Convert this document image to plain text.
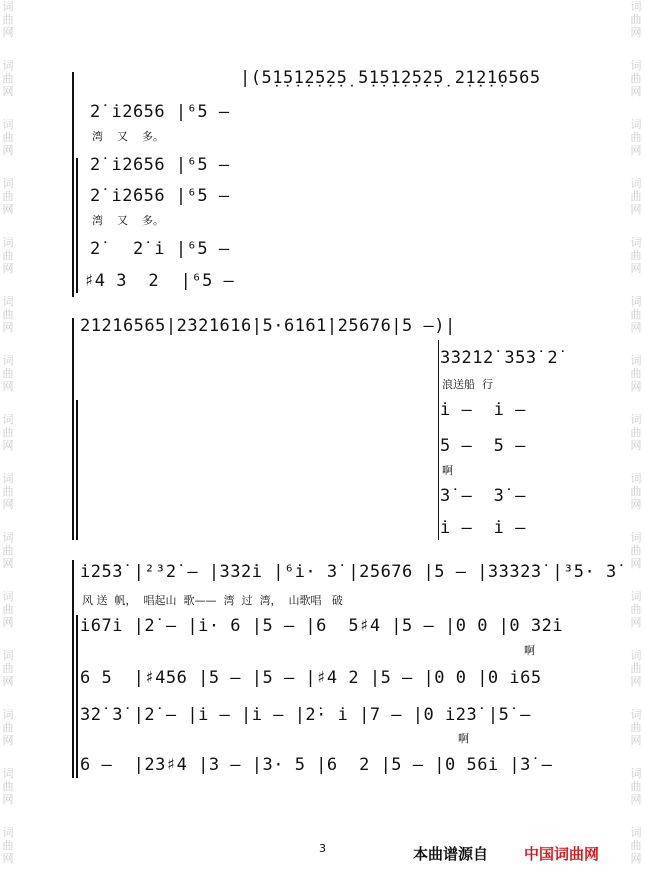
词
曲
网
词
曲
网
词
曲
网
词
曲
网
词
曲
网
词
曲
网
词
曲
网
词
曲
网
词
曲
网
词
曲
网
词
曲
网
词
曲
网
词
曲
网
词
曲
网
词
曲
网
词
曲
网
词
曲
网
词
曲
网
词
曲
网
词
曲
网
词
曲
网
词
曲
网
词
曲
网
词
曲
网
词
曲
网
词
曲
网
词
曲
网
词
曲
网
词
曲
网
词
曲
网
|(5̣1̣5̣1̣2̣5̣2̣5̣ 5̣1̣5̣1̣2̣5̣2̣5̣ 2̣1̣2̣1̣6565
2̇ i̇2̇656 |⁶5 —
湾    又    多。
2̇ i̇2̇656 |⁶5 —
2̇ i̇2̇656 |⁶5 —
湾    又    多。
2̇   2̇ i̇ |⁶5 —
♯4 3  2  |⁶5 —
2̇1̇2̇1̇6565|2̇3̇2̇1̇6̇1̇6̇|5·6̇1̇6̇1̇|2̇5676|5 —)|
3̇3̇2̇1̇2̇ 3̇5̇3̇ 2̇
浪送船  行
i̇ —  i̇ —
5 —  5 —
啊
3̇ —  3̇ —
i̇ —  i̇ —
i̇2̇5̇3̇ |²³2̇ — |3̇3̇2̇i̇ |⁶i̇· 3̇ |2̇5676 |5 — |3̇3̇3̇2̇3̇ |³5· 3̇
风 送  帆，  唱起山  歌——  湾  过  湾，  山歌唱   破
i̇67i̇ |2̇ — |i̇· 6 |5 — |6  5♯4 |5 — |0 0 |0 3̇2̇i̇
啊
6 5  |♯456 |5 — |5 — |♯4 2 |5 — |0 0 |0 i̇65
3̇2̇ 3̇ |2̇ — |i̇ — |i̇ — |2̇· i̇ |7 — |0 i̇2̇3̇ |5̇ —
啊
6 —  |23♯4 |3 — |3· 5 |6  2 |5 — |0 56i̇ |3̇ —
3	本曲谱源自 中国词曲网
